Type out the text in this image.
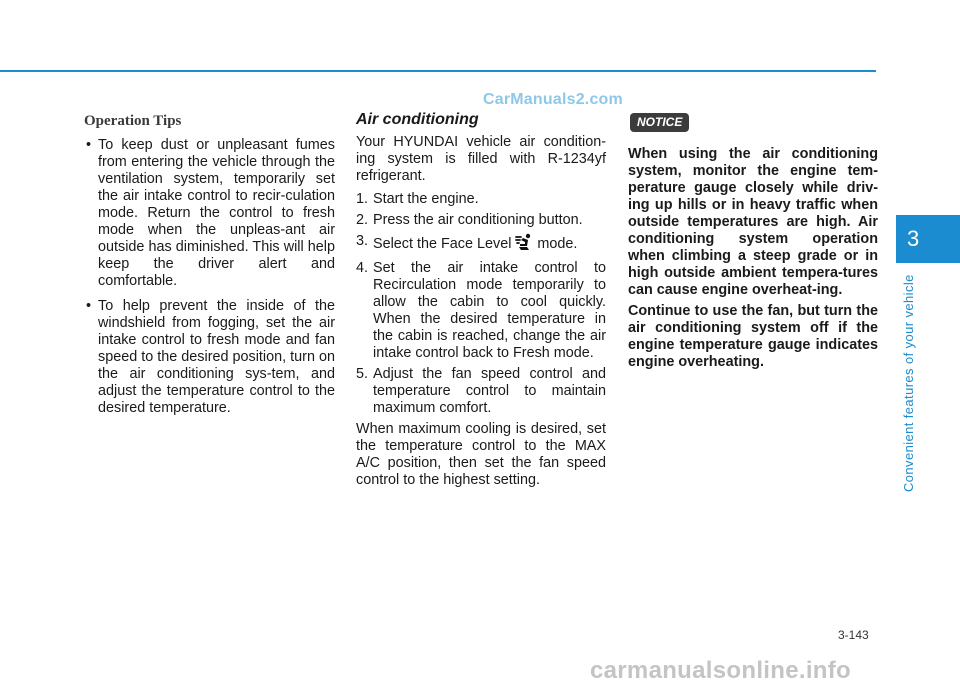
CarManuals2.com
Operation Tips
• To keep dust or unpleasant fumes from entering the vehicle through the ventilation system, temporarily set the air intake control to recir-culation mode. Return the control to fresh mode when the unpleas-ant air outside has diminished. This will help keep the driver alert and comfortable.
• To help prevent the inside of the windshield from fogging, set the air intake control to fresh mode and fan speed to the desired position, turn on the air conditioning sys-tem, and adjust the temperature control to the desired temperature.
Air conditioning

Your HYUNDAI vehicle air condition-ing system is filled with R-1234yf refrigerant.

1. Start the engine.
2. Press the air conditioning button.
3. Select the Face Level mode.
4. Set the air intake control to Recirculation mode temporarily to allow the cabin to cool quickly. When the desired temperature in the cabin is reached, change the air intake control back to Fresh mode.
5. Adjust the fan speed control and temperature control to maintain maximum comfort.

When maximum cooling is desired, set the temperature control to the MAX A/C position, then set the fan speed control to the highest setting.

NOTICE

When using the air conditioning system, monitor the engine tem-perature gauge closely while driv-ing up hills or in heavy traffic when outside temperatures are high. Air conditioning system operation when climbing a steep grade or in high outside ambient tempera-tures can cause engine overheat-ing.

Continue to use the fan, but turn the air conditioning system off if the engine temperature gauge indicates engine overheating.

3
Convenient features of your vehicle
3-143
carmanualsonline.info
